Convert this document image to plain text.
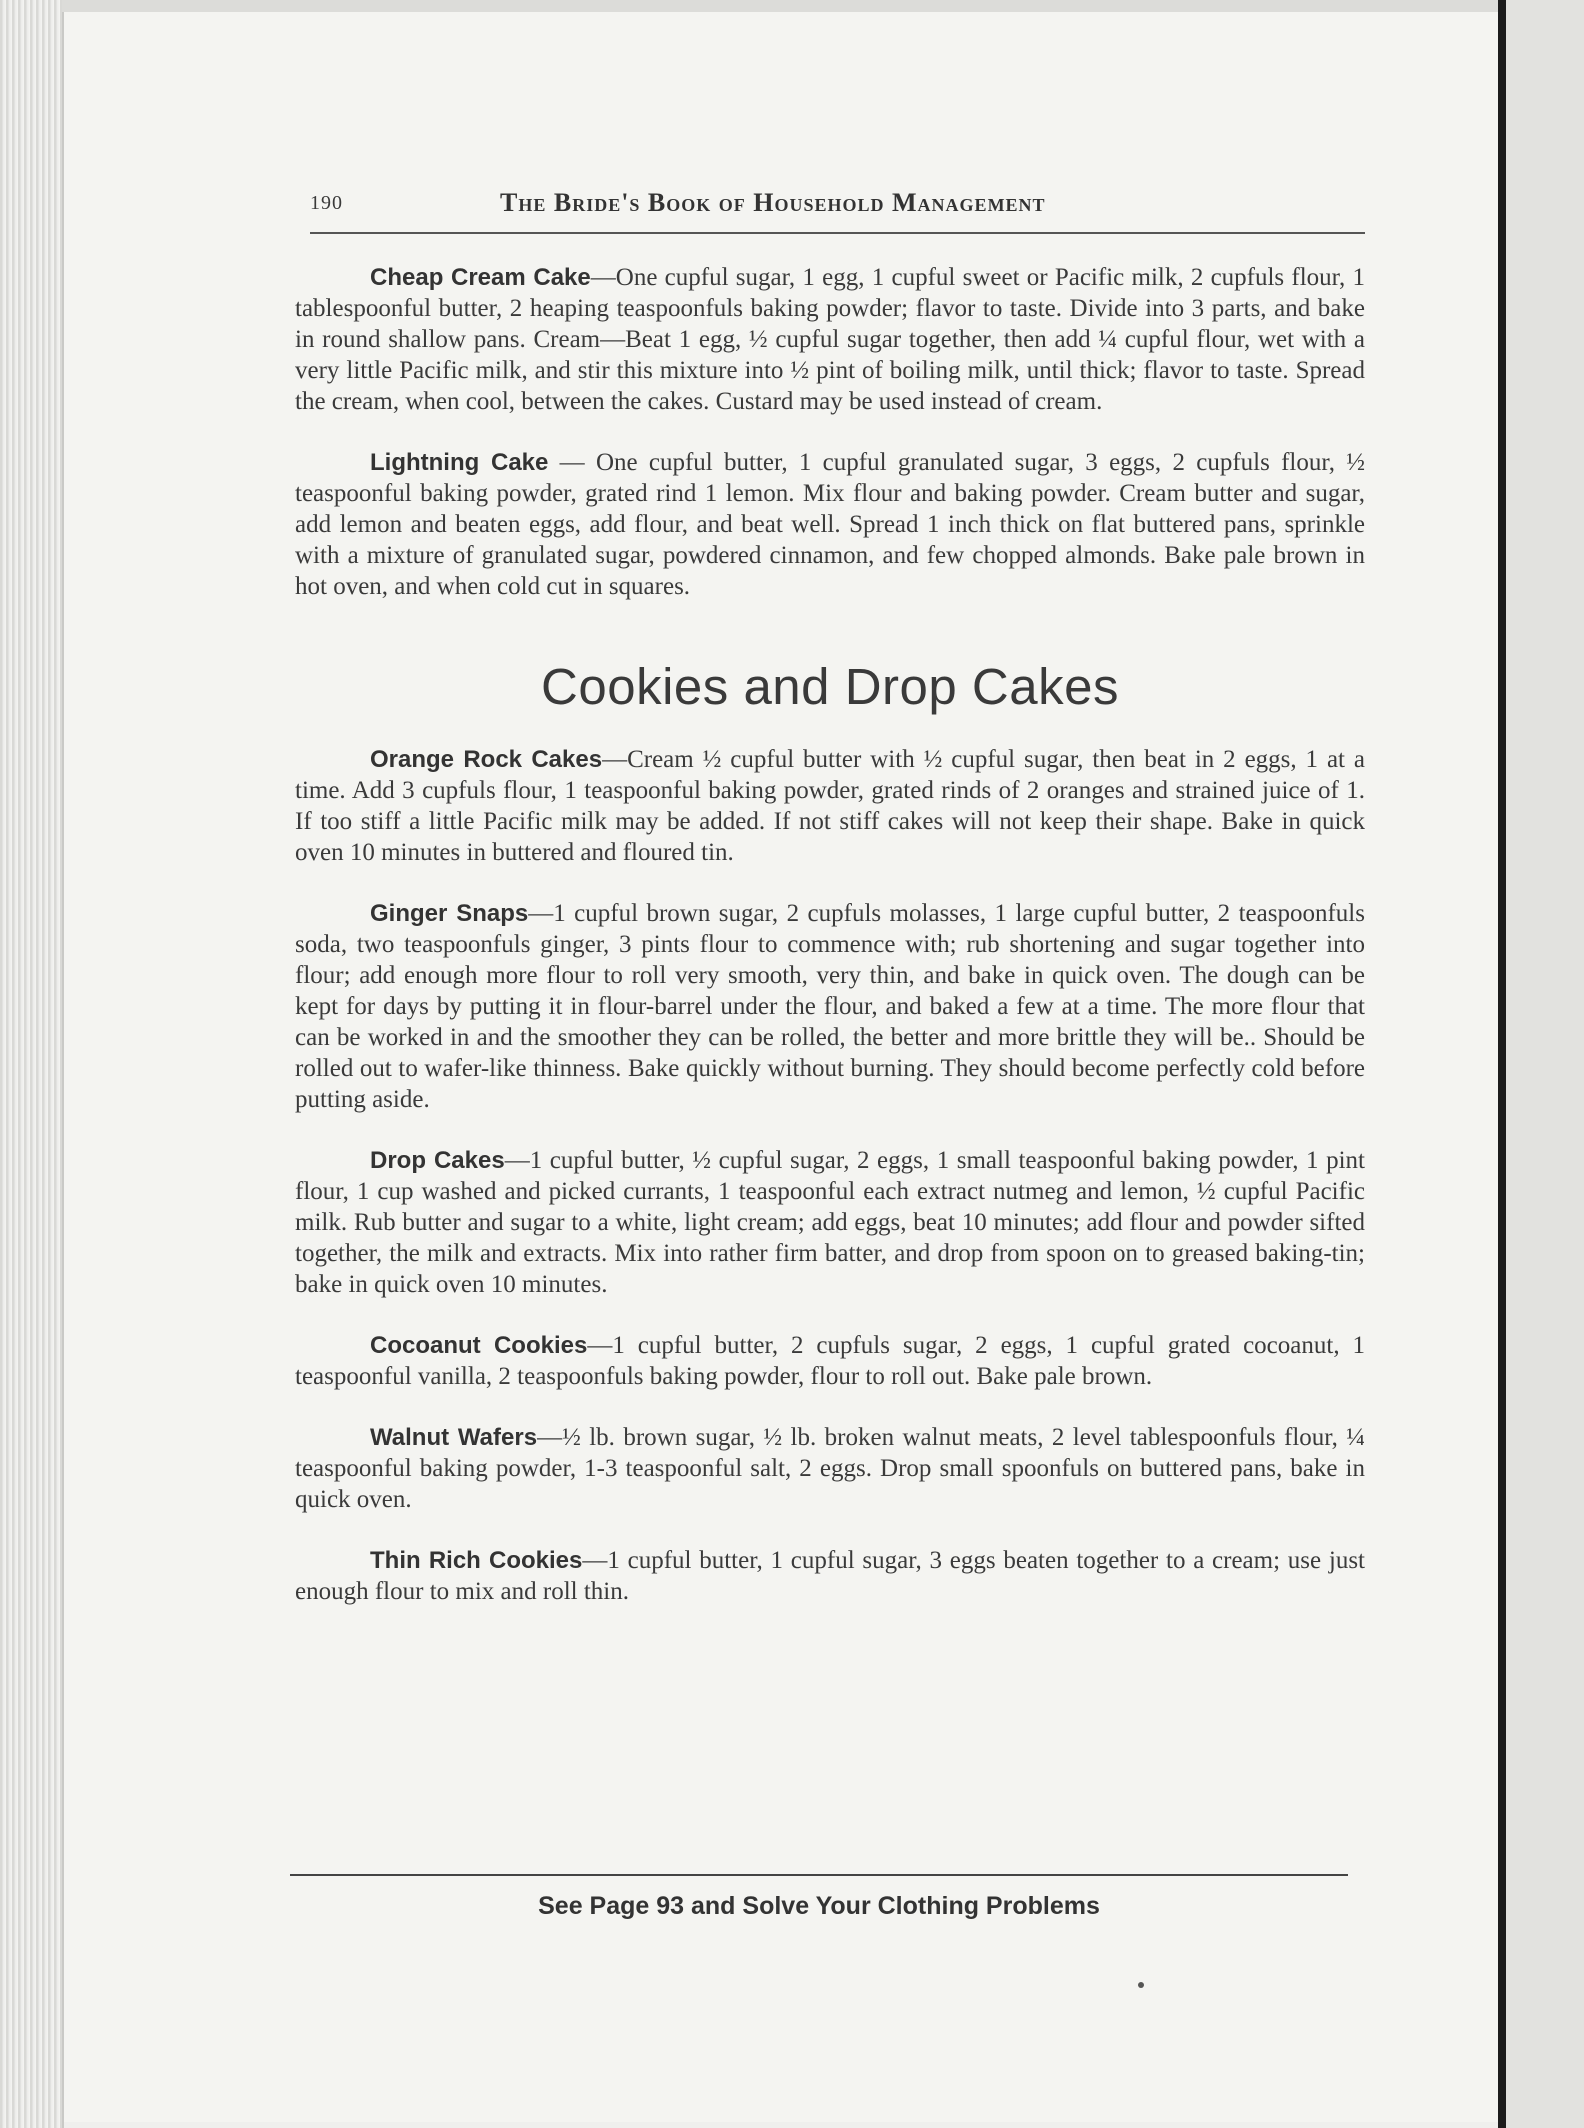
190	The Bride's Book of Household Management

Cheap Cream Cake—One cupful sugar, 1 egg, 1 cupful sweet or Pacific milk, 2 cupfuls flour, 1 tablespoonful butter, 2 heaping teaspoonfuls baking powder; flavor to taste. Divide into 3 parts, and bake in round shallow pans. Cream—Beat 1 egg, ½ cupful sugar together, then add ¼ cupful flour, wet with a very little Pacific milk, and stir this mixture into ½ pint of boiling milk, until thick; flavor to taste. Spread the cream, when cool, between the cakes. Custard may be used instead of cream.

Lightning Cake — One cupful butter, 1 cupful granulated sugar, 3 eggs, 2 cupfuls flour, ½ teaspoonful baking powder, grated rind 1 lemon. Mix flour and baking powder. Cream butter and sugar, add lemon and beaten eggs, add flour, and beat well. Spread 1 inch thick on flat buttered pans, sprinkle with a mixture of granulated sugar, powdered cinnamon, and few chopped almonds. Bake pale brown in hot oven, and when cold cut in squares.

Cookies and Drop Cakes

Orange Rock Cakes—Cream ½ cupful butter with ½ cupful sugar, then beat in 2 eggs, 1 at a time. Add 3 cupfuls flour, 1 teaspoonful baking powder, grated rinds of 2 oranges and strained juice of 1. If too stiff a little Pacific milk may be added. If not stiff cakes will not keep their shape. Bake in quick oven 10 minutes in buttered and floured tin.

Ginger Snaps—1 cupful brown sugar, 2 cupfuls molasses, 1 large cupful butter, 2 teaspoonfuls soda, two teaspoonfuls ginger, 3 pints flour to commence with; rub shortening and sugar together into flour; add enough more flour to roll very smooth, very thin, and bake in quick oven. The dough can be kept for days by putting it in flour-barrel under the flour, and baked a few at a time. The more flour that can be worked in and the smoother they can be rolled, the better and more brittle they will be.. Should be rolled out to wafer-like thinness. Bake quickly without burning. They should become perfectly cold before putting aside.

Drop Cakes—1 cupful butter, ½ cupful sugar, 2 eggs, 1 small teaspoonful baking powder, 1 pint flour, 1 cup washed and picked currants, 1 teaspoonful each extract nutmeg and lemon, ½ cupful Pacific milk. Rub butter and sugar to a white, light cream; add eggs, beat 10 minutes; add flour and powder sifted together, the milk and extracts. Mix into rather firm batter, and drop from spoon on to greased baking-tin; bake in quick oven 10 minutes.

Cocoanut Cookies—1 cupful butter, 2 cupfuls sugar, 2 eggs, 1 cupful grated cocoanut, 1 teaspoonful vanilla, 2 teaspoonfuls baking powder, flour to roll out. Bake pale brown.

Walnut Wafers—½ lb. brown sugar, ½ lb. broken walnut meats, 2 level tablespoonfuls flour, ¼ teaspoonful baking powder, 1-3 teaspoonful salt, 2 eggs. Drop small spoonfuls on buttered pans, bake in quick oven.

Thin Rich Cookies—1 cupful butter, 1 cupful sugar, 3 eggs beaten together to a cream; use just enough flour to mix and roll thin.

See Page 93 and Solve Your Clothing Problems
